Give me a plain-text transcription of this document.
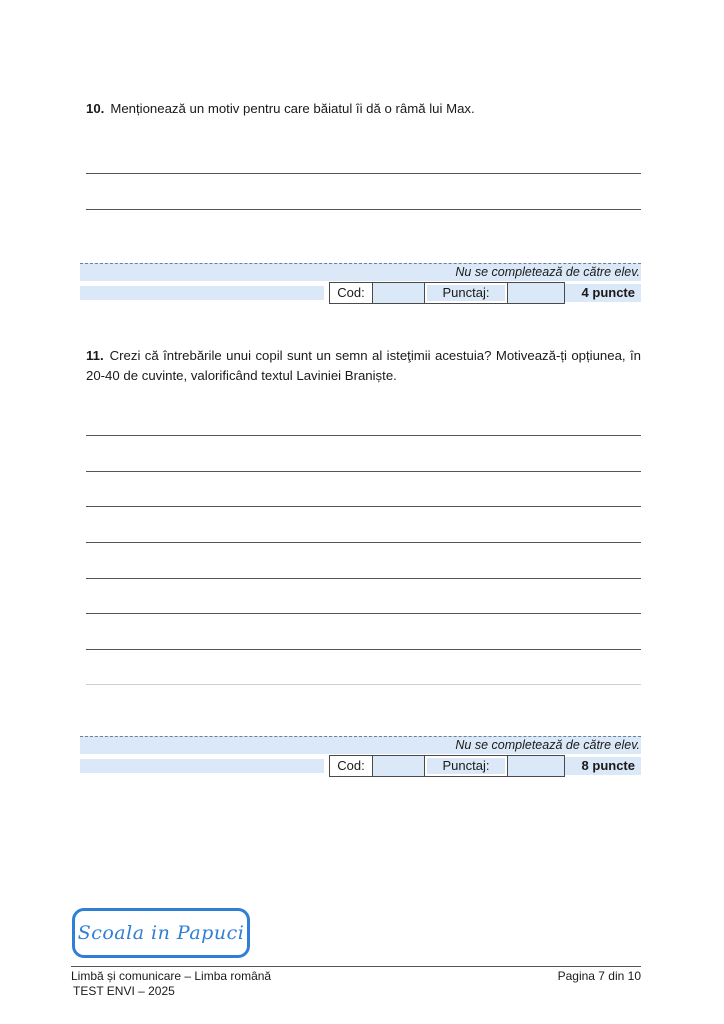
10. Menționează un motiv pentru care băiatul îi dă o râmă lui Max.
Nu se completează de către elev.
Cod:	Punctaj:	4 puncte
11. Crezi că întrebările unui copil sunt un semn al isteţimii acestuia? Motivează-ți opțiunea, în 20-40 de cuvinte, valorificând textul Laviniei Braniște.
Nu se completează de către elev.
Cod:	Punctaj:	8 puncte
Scoala in Papuci
Limbă și comunicare – Limba română
TEST ENVI – 2025
Pagina 7 din 10
